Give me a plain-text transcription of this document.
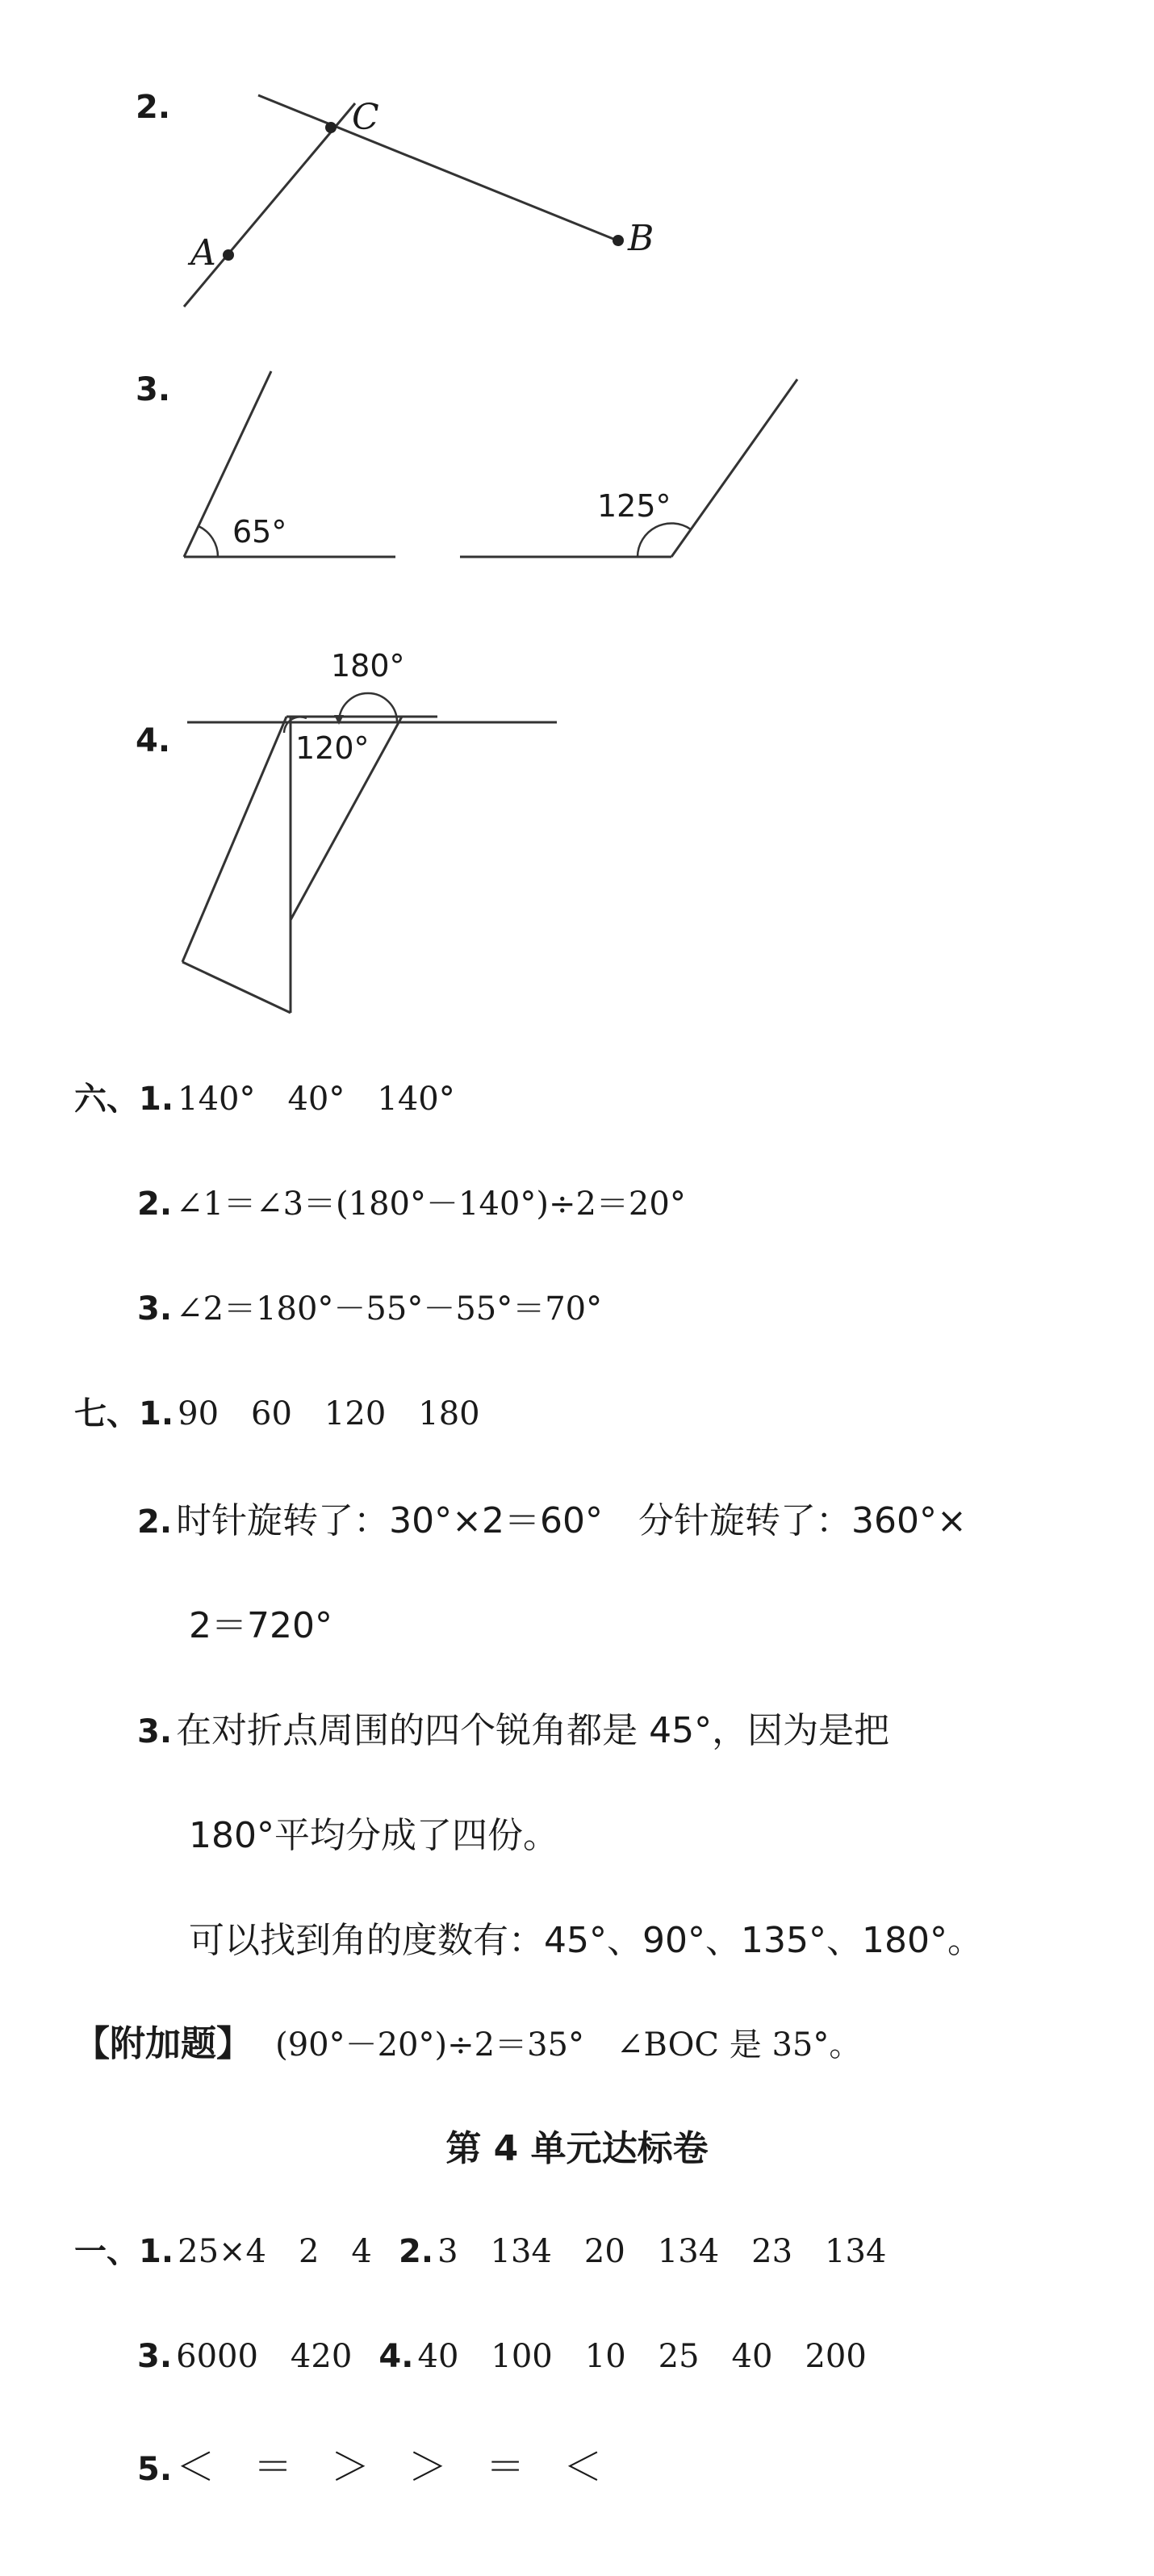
2.	C
A	B
3.
65°
125°
180°
4.	120°
六、1. 140°　40°　140°
2. ∠1＝∠3＝(180°－140°)÷2＝20°
3. ∠2＝180°－55°－55°＝70°
七、1. 90　60　120　180
2. 时针旋转了：30°×2＝60°　分针旋转了：360°×
2＝720°
3. 在对折点周围的四个锐角都是 45°，因为是把
180°平均分成了四份。
可以找到角的度数有：45°、90°、135°、180°。
【附加题】 (90°－20°)÷2＝35°　∠BOC 是 35°。
第 4 单元达标卷
一、1. 25×4　2　4 2. 3　134　20　134　23　134
3. 6000　420 4. 40　100　10　25　40　200
5. ＜　＝　＞　＞　＝　＜
